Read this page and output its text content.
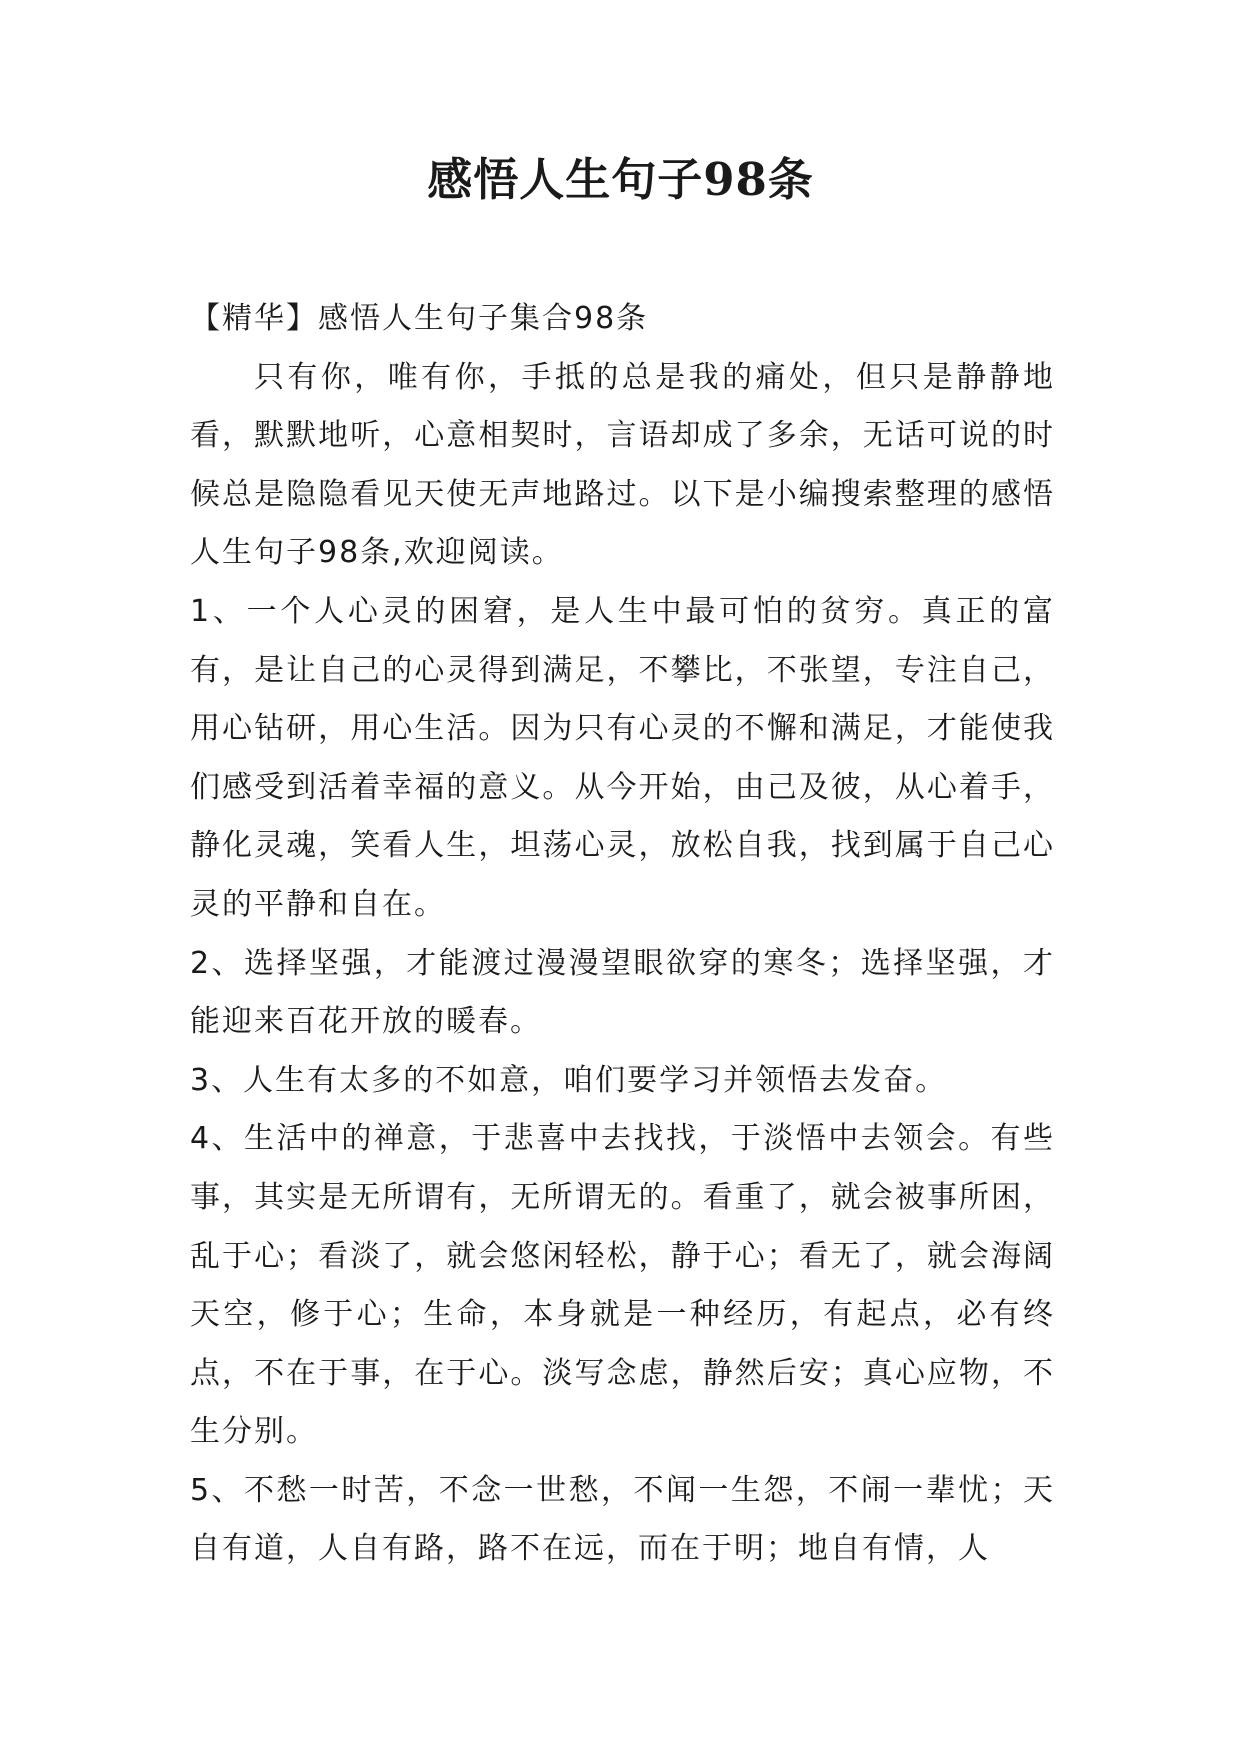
感悟人生句子98条

【精华】感悟人生句子集合98条

只有你，唯有你，手抵的总是我的痛处，但只是静静地看，默默地听，心意相契时，言语却成了多余，无话可说的时候总是隐隐看见天使无声地路过。以下是小编搜索整理的感悟人生句子98条,欢迎阅读。

1、一个人心灵的困窘，是人生中最可怕的贫穷。真正的富有，是让自己的心灵得到满足，不攀比，不张望，专注自己，用心钻研，用心生活。因为只有心灵的不懈和满足，才能使我们感受到活着幸福的意义。从今开始，由己及彼，从心着手，静化灵魂，笑看人生，坦荡心灵，放松自我，找到属于自己心灵的平静和自在。

2、选择坚强，才能渡过漫漫望眼欲穿的寒冬；选择坚强，才能迎来百花开放的暖春。

3、人生有太多的不如意，咱们要学习并领悟去发奋。

4、生活中的禅意，于悲喜中去找找，于淡悟中去领会。有些事，其实是无所谓有，无所谓无的。看重了，就会被事所困，乱于心；看淡了，就会悠闲轻松，静于心；看无了，就会海阔天空，修于心；生命，本身就是一种经历，有起点，必有终点，不在于事，在于心。淡写念虑，静然后安；真心应物，不生分别。

5、不愁一时苦，不念一世愁，不闻一生怨，不闹一辈忧；天自有道，人自有路，路不在远，而在于明；地自有情，人
